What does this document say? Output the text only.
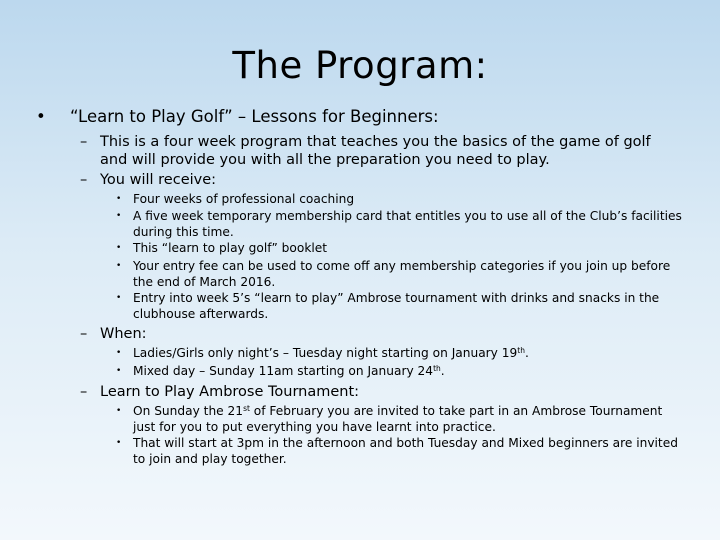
The Program:
• “Learn to Play Golf” – Lessons for Beginners:
– This is a four week program that teaches you the basics of the game of golf and will provide you with all the preparation you need to play.
– You will receive:
• Four weeks of professional coaching
• A five week temporary membership card that entitles you to use all of the Club’s facilities during this time.
• This “learn to play golf” booklet
• Your entry fee can be used to come off any membership categories if you join up before the end of March 2016.
• Entry into week 5’s “learn to play” Ambrose tournament with drinks and snacks in the clubhouse afterwards.
– When:
• Ladies/Girls only night’s – Tuesday night starting on January 19th.
• Mixed day – Sunday 11am starting on January 24th.
– Learn to Play Ambrose Tournament:
• On Sunday the 21st of February you are invited to take part in an Ambrose Tournament just for you to put everything you have learnt into practice.
• That will start at 3pm in the afternoon and both Tuesday and Mixed beginners are invited to join and play together.
